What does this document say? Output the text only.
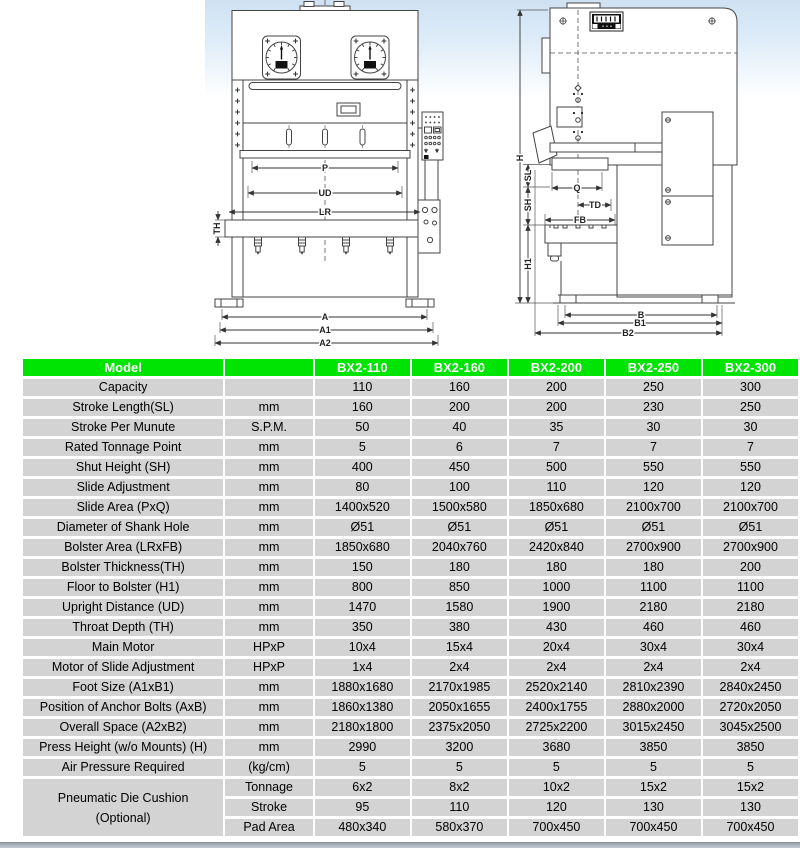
P
UD
LR
TH
A
A1
A2
H
SL
SH
H1
Q
TD
FB
B
B1
B2
Model		BX2-110	BX2-160	BX2-200	BX2-250	BX2-300
Capacity		110	160	200	250	300
Stroke Length(SL)	mm	160	200	200	230	250
Stroke Per Munute	S.P.M.	50	40	35	30	30
Rated Tonnage Point	mm	5	6	7	7	7
Shut Height (SH)	mm	400	450	500	550	550
Slide Adjustment	mm	80	100	110	120	120
Slide Area (PxQ)	mm	1400x520	1500x580	1850x680	2100x700	2100x700
Diameter of Shank Hole	mm	Ø51	Ø51	Ø51	Ø51	Ø51
Bolster Area (LRxFB)	mm	1850x680	2040x760	2420x840	2700x900	2700x900
Bolster Thickness(TH)	mm	150	180	180	180	200
Floor to Bolster (H1)	mm	800	850	1000	1100	1100
Upright Distance (UD)	mm	1470	1580	1900	2180	2180
Throat Depth (TH)	mm	350	380	430	460	460
Main Motor	HPxP	10x4	15x4	20x4	30x4	30x4
Motor of Slide Adjustment	HPxP	1x4	2x4	2x4	2x4	2x4
Foot Size (A1xB1)	mm	1880x1680	2170x1985	2520x2140	2810x2390	2840x2450
Position of Anchor Bolts (AxB)	mm	1860x1380	2050x1655	2400x1755	2880x2000	2720x2050
Overall Space (A2xB2)	mm	2180x1800	2375x2050	2725x2200	3015x2450	3045x2500
Press Height (w/o Mounts) (H)	mm	2990	3200	3680	3850	3850
Air Pressure Required	(kg/cm)	5	5	5	5	5

Pneumatic Die Cushion
(Optional)	Tonnage	6x2	8x2	10x2	15x2	15x2
	Stroke	95	110	120	130	130
	Pad Area	480x340	580x370	700x450	700x450	700x450
